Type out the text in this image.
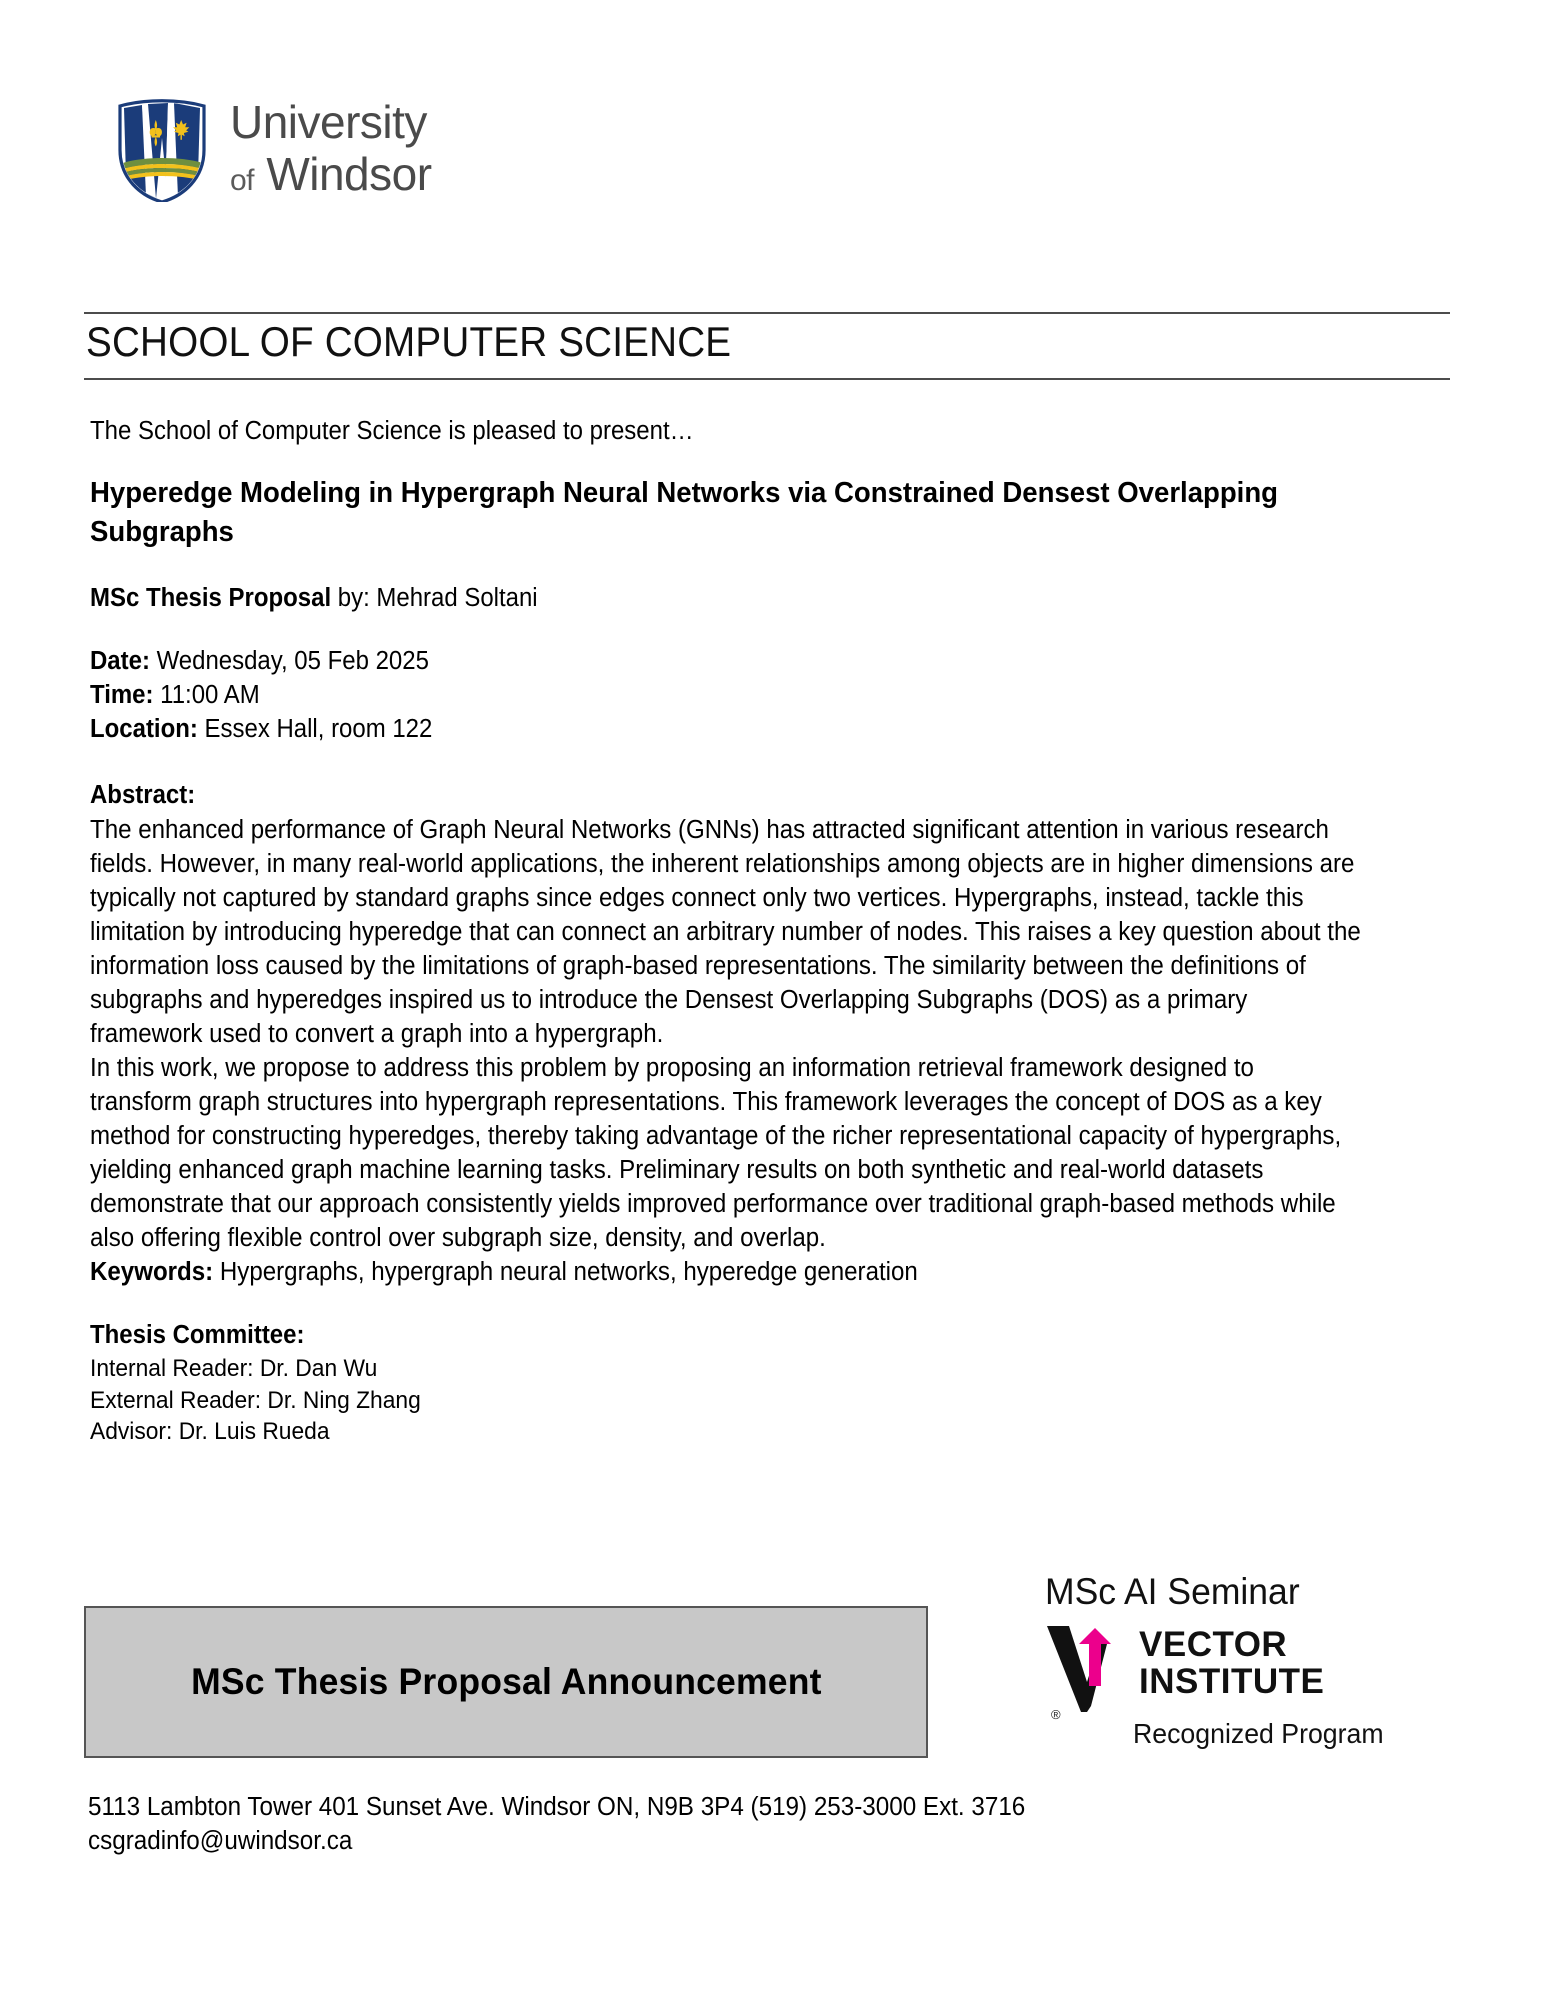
University
of Windsor
SCHOOL OF COMPUTER SCIENCE
The School of Computer Science is pleased to present…
Hyperedge Modeling in Hypergraph Neural Networks via Constrained Densest Overlapping Subgraphs
MSc Thesis Proposal by: Mehrad Soltani
Date: Wednesday, 05 Feb 2025
Time: 11:00 AM
Location: Essex Hall, room 122
Abstract:

The enhanced performance of Graph Neural Networks (GNNs) has attracted significant attention in various research fields. However, in many real-world applications, the inherent relationships among objects are in higher dimensions are typically not captured by standard graphs since edges connect only two vertices. Hypergraphs, instead, tackle this limitation by introducing hyperedge that can connect an arbitrary number of nodes. This raises a key question about the information loss caused by the limitations of graph-based representations. The similarity between the definitions of subgraphs and hyperedges inspired us to introduce the Densest Overlapping Subgraphs (DOS) as a primary framework used to convert a graph into a hypergraph.

In this work, we propose to address this problem by proposing an information retrieval framework designed to transform graph structures into hypergraph representations. This framework leverages the concept of DOS as a key method for constructing hyperedges, thereby taking advantage of the richer representational capacity of hypergraphs, yielding enhanced graph machine learning tasks. Preliminary results on both synthetic and real-world datasets demonstrate that our approach consistently yields improved performance over traditional graph-based methods while also offering flexible control over subgraph size, density, and overlap.

Keywords: Hypergraphs, hypergraph neural networks, hyperedge generation
Thesis Committee:
Internal Reader: Dr. Dan Wu
External Reader: Dr. Ning Zhang
Advisor: Dr. Luis Rueda
MSc Thesis Proposal Announcement
MSc AI Seminar
®
VECTOR
INSTITUTE
Recognized Program
5113 Lambton Tower 401 Sunset Ave. Windsor ON, N9B 3P4 (519) 253-3000 Ext. 3716
csgradinfo@uwindsor.ca
